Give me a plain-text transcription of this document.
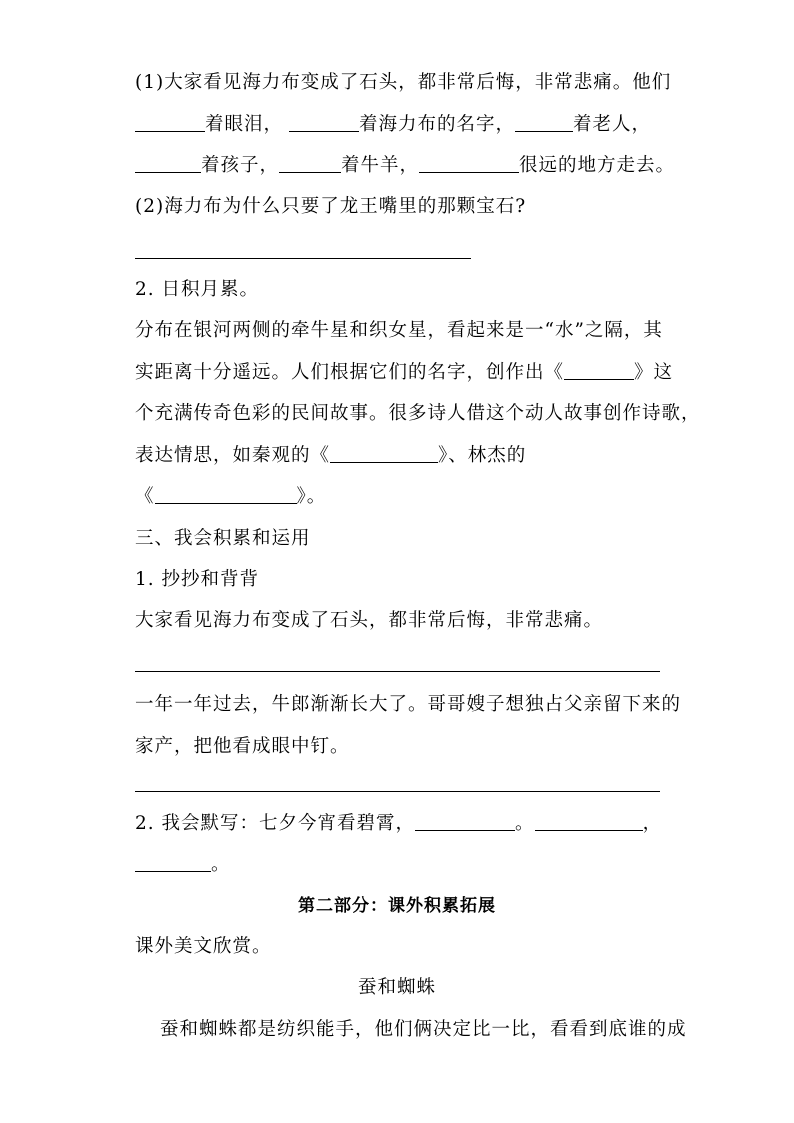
(1)大家看见海力布变成了石头，都非常后悔，非常悲痛。他们
着眼泪，	着海力布的名字，	着老人，
着孩子，	着牛羊，	很远的地方走去。
(2)海力布为什么只要了龙王嘴里的那颗宝石?
2. 日积月累。
分布在银河两侧的牵牛星和织女星，看起来是一“水”之隔，其
实距离十分遥远。人们根据它们的名字，创作出《	》这
个充满传奇色彩的民间故事。很多诗人借这个动人故事创作诗歌，
表达情思，如秦观的《	》、林杰的
《	》。
三、我会积累和运用
1. 抄抄和背背
大家看见海力布变成了石头，都非常后悔，非常悲痛。
一年一年过去，牛郎渐渐长大了。哥哥嫂子想独占父亲留下来的
家产，把他看成眼中钉。
2. 我会默写：七夕今宵看碧霄，	。	，
。
第二部分：课外积累拓展
课外美文欣赏。
蚕和蜘蛛
蚕和蜘蛛都是纺织能手，他们俩决定比一比，看看到底谁的成
